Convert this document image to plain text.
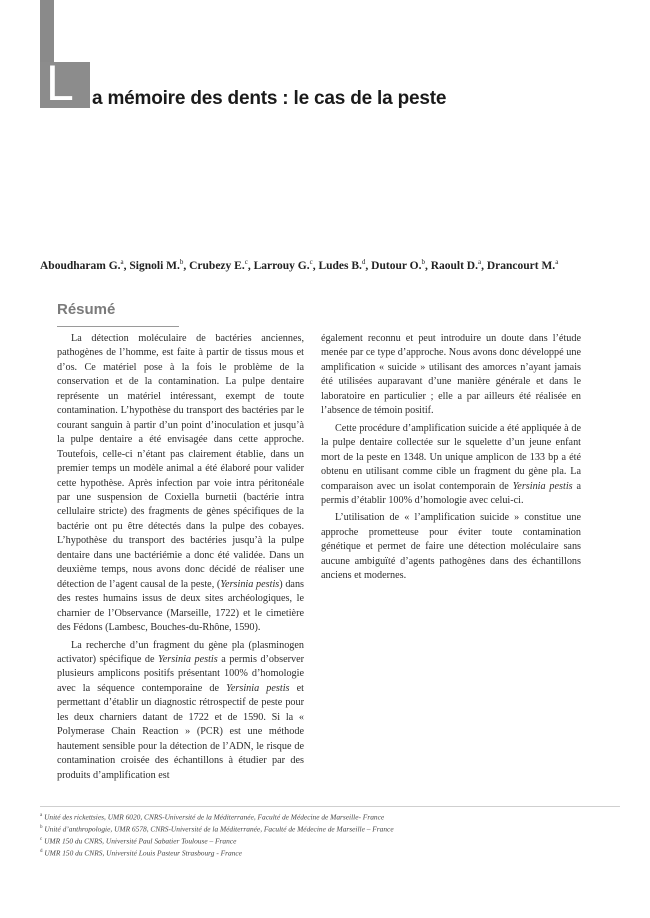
L a mémoire des dents : le cas de la peste
Aboudharam G.$^a$, Signoli M.$^b$, Crubezy E.$^c$, Larrouy G.$^c$, Ludes B.$^d$, Dutour O.$^b$, Raoult D.$^a$, Drancourt M.$^a$
Résumé

La détection moléculaire de bactéries anciennes, pathogènes de l’homme, est faite à partir de tissus mous et d’os. Ce matériel pose à la fois le problème de la conservation et de la contamination. La pulpe dentaire représente un matériel intéressant, exempt de toute contamination. L’hypothèse du transport des bactéries par le courant sanguin à partir d’un point d’inoculation et jusqu’à la pulpe dentaire a été envisagée dans cette approche. Toutefois, celle-ci n’étant pas clairement établie, dans un premier temps un modèle animal a été élaboré pour valider cette hypothèse. Après infection par voie intra péritonéale par une suspension de Coxiella burnetii (bactérie intra cellulaire stricte) des fragments de gènes spécifiques de la bactérie ont pu être détectés dans la pulpe des cobayes. L’hypothèse du transport des bactéries jusqu’à la pulpe dentaire dans une bactériémie a donc été validée. Dans un deuxième temps, nous avons donc décidé de réaliser une détection de l’agent causal de la peste, (Yersinia pestis) dans des restes humains issus de deux sites archéologiques, le charnier de l’Observance (Marseille, 1722) et le cimetière des Fédons (Lambesc, Bouches-du-Rhône, 1590).

La recherche d’un fragment du gène pla (plasminogen activator) spécifique de Yersinia pestis a permis d’observer plusieurs amplicons positifs présentant 100% d’homologie avec la séquence contemporaine de Yersinia pestis et permettant d’établir un diagnostic rétrospectif de peste pour les deux charniers datant de 1722 et de 1590. Si la « Polymerase Chain Reaction » (PCR) est une méthode hautement sensible pour la détection de l’ADN, le risque de contamination croisée des échantillons à étudier par des produits d’amplification est

également reconnu et peut introduire un doute dans l’étude menée par ce type d’approche. Nous avons donc développé une amplification « suicide » utilisant des amorces n’ayant jamais été utilisées auparavant d’une manière générale et dans le laboratoire en particulier ; elle a par ailleurs été réalisée en l’absence de témoin positif.

Cette procédure d’amplification suicide a été appliquée à de la pulpe dentaire collectée sur le squelette d’un jeune enfant mort de la peste en 1348. Un unique amplicon de 133 bp a été obtenu en utilisant comme cible un fragment du gène pla. La comparaison avec un isolat contemporain de Yersinia pestis a permis d’établir 100% d’homologie avec celui-ci.

L’utilisation de « l’amplification suicide » constitue une approche prometteuse pour éviter toute contamination génétique et permet de faire une détection moléculaire sans aucune ambiguïté d’agents pathogènes dans des échantillons anciens et modernes.

$^a$ Unité des rickettsies, UMR 6020, CNRS-Université de la Méditerranée, Faculté de Médecine de Marseille- France
$^b$ Unité d’anthropologie, UMR 6578, CNRS-Université de la Méditerranée, Faculté de Médecine de Marseille – France
$^c$ UMR 150 du CNRS, Université Paul Sabatier Toulouse – France
$^d$ UMR 150 du CNRS, Université Louis Pasteur Strasbourg - France
